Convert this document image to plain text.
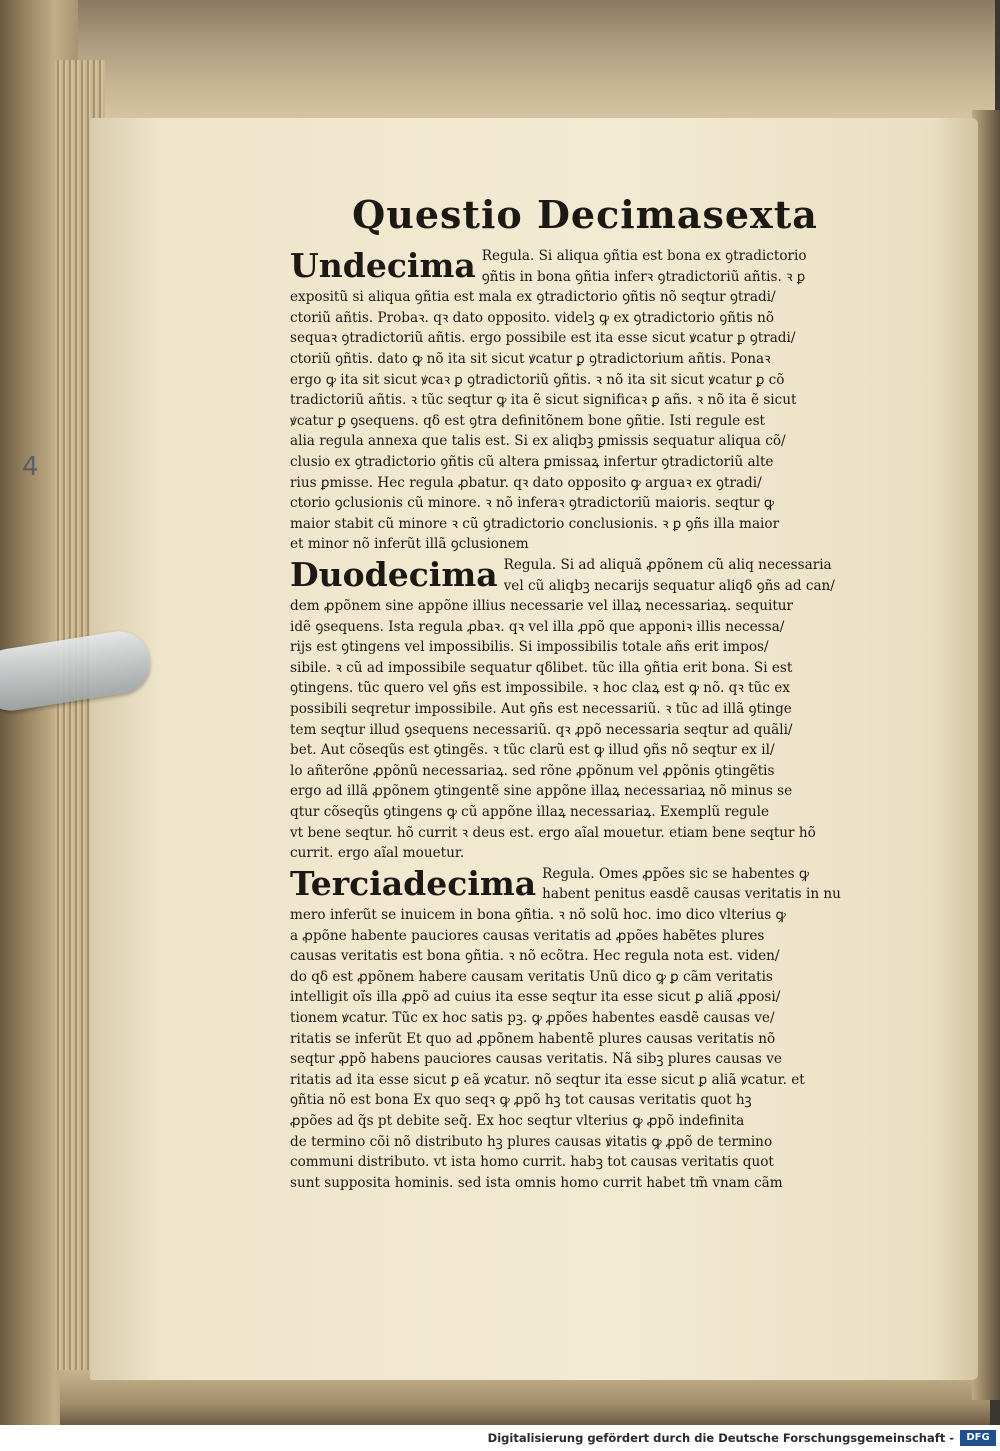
4
Questio Decimasexta
Undecima Regula. Si aliqua ꝯñtia est bona ex ꝯtradictorio
ꝯñtis in bona ꝯñtia inferꝛ ꝯtradictoriũ añtis. ꝛ ꝑ
expositũ si aliqua ꝯñtia est mala ex ꝯtradictorio ꝯñtis nõ seqtur ꝯtradi/
ctoriũ añtis. Probaꝛ. qꝛ dato opposito. videlꝫ ꝙ ex ꝯtradictorio ꝯñtis nõ
sequaꝛ ꝯtradictoriũ añtis. ergo possibile est ita esse sicut ꝟcatur ꝑ ꝯtradi/
ctoriũ ꝯñtis. dato ꝙ nõ ita sit sicut ꝟcatur ꝑ ꝯtradictorium añtis. Ponaꝛ
ergo ꝙ ita sit sicut ꝟcaꝛ ꝑ ꝯtradictoriũ ꝯñtis. ꝛ nõ ita sit sicut ꝟcatur ꝑ cõ
tradictoriũ añtis. ꝛ tũc seqtur ꝙ ita ẽ sicut significaꝛ ꝑ añs. ꝛ nõ ita ẽ sicut
ꝟcatur ꝑ ꝯsequens. qδ est ꝯtra definitõnem bone ꝯñtie. Isti regule est
alia regula annexa que talis est. Si ex aliqbꝫ ꝑmissis sequatur aliqua cõ/
clusio ex ꝯtradictorio ꝯñtis cũ altera ꝑmissaꝝ infertur ꝯtradictoriũ alte
rius ꝑmisse. Hec regula ꝓbatur. qꝛ dato opposito ꝙ arguaꝛ ex ꝯtradi/
ctorio ꝯclusionis cũ minore. ꝛ nõ inferaꝛ ꝯtradictoriũ maioris. seqtur ꝙ
maior stabit cũ minore ꝛ cũ ꝯtradictorio conclusionis. ꝛ ꝑ ꝯñs illa maior
et minor nõ inferũt illã ꝯclusionem
Duodecima Regula. Si ad aliquã ꝓpõnem cũ aliq necessaria
vel cũ aliqbꝫ necarijs sequatur aliqδ ꝯñs ad can/
dem ꝓpõnem sine appõne illius necessarie vel illaꝝ necessariaꝝ. sequitur
idẽ ꝯsequens. Ista regula ꝓbaꝛ. qꝛ vel illa ꝓpõ que apponiꝛ illis necessa/
rijs est ꝯtingens vel impossibilis. Si impossibilis totale añs erit impos/
sibile. ꝛ cũ ad impossibile sequatur qδlibet. tũc illa ꝯñtia erit bona. Si est
ꝯtingens. tũc quero vel ꝯñs est impossibile. ꝛ hoc claꝝ est ꝙ nõ. qꝛ tũc ex
possibili seqretur impossibile. Aut ꝯñs est necessariũ. ꝛ tũc ad illã ꝯtinge
tem seqtur illud ꝯsequens necessariũ. qꝛ ꝓpõ necessaria seqtur ad quãli/
bet. Aut cõseqũs est ꝯtingẽs. ꝛ tũc clarũ est ꝙ illud ꝯñs nõ seqtur ex il/
lo añterõne ꝓpõnũ necessariaꝝ. sed rõne ꝓpõnum vel ꝓpõnis ꝯtingẽtis
ergo ad illã ꝓpõnem ꝯtingentẽ sine appõne illaꝝ necessariaꝝ nõ minus se
qtur cõseqũs ꝯtingens ꝙ cũ appõne illaꝝ necessariaꝝ. Exemplũ regule
vt bene seqtur. hõ currit ꝛ deus est. ergo aĩal mouetur. etiam bene seqtur hõ
currit. ergo aĩal mouetur.
Terciadecima Regula. Omes ꝓpões sic se habentes ꝙ
habent penitus easdẽ causas veritatis in nu
mero inferũt se inuicem in bona ꝯñtia. ꝛ nõ solũ hoc. imo dico vlterius ꝙ
a ꝓpõne habente pauciores causas veritatis ad ꝓpões habẽtes plures
causas veritatis est bona ꝯñtia. ꝛ nõ ecõtra. Hec regula nota est. viden/
do qδ est ꝓpõnem habere causam veritatis Unũ dico ꝙ ꝑ cãm veritatis
intelligit oĩs illa ꝓpõ ad cuius ita esse seqtur ita esse sicut ꝑ aliã ꝓposi/
tionem ꝟcatur. Tũc ex hoc satis pꝫ. ꝙ ꝓpões habentes easdẽ causas ve/
ritatis se inferũt Et quo ad ꝓpõnem habentẽ plures causas veritatis nõ
seqtur ꝓpõ habens pauciores causas veritatis. Nã sibꝫ plures causas ve
ritatis ad ita esse sicut ꝑ eã ꝟcatur. nõ seqtur ita esse sicut ꝑ aliã ꝟcatur. et
ꝯñtia nõ est bona Ex quo seqꝛ ꝙ ꝓpõ hꝫ tot causas veritatis quot hꝫ
ꝓpões ad q̃s pt debite seq̃. Ex hoc seqtur vlterius ꝙ ꝓpõ indefinita
de termino cõi nõ distributo hꝫ plures causas ꝟitatis ꝙ ꝓpõ de termino
communi distributo. vt ista homo currit. habꝫ tot causas veritatis quot
sunt supposita hominis. sed ista omnis homo currit habet tm̃ vnam cãm
Digitalisierung gefördert durch die Deutsche Forschungsgemeinschaft -	DFG
